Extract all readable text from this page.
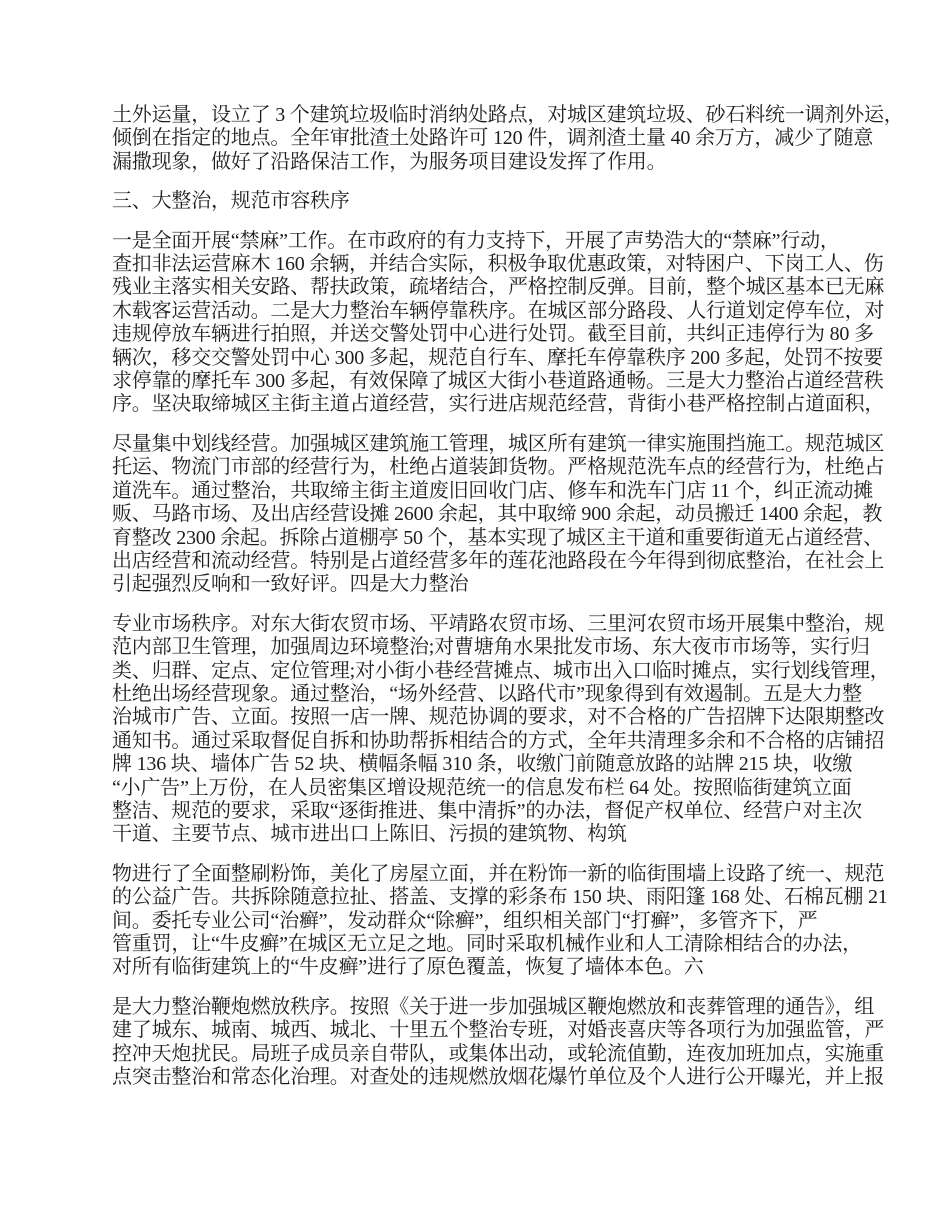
土外运量，设立了 3 个建筑垃圾临时消纳处路点，对城区建筑垃圾、砂石料统一调剂外运，
倾倒在指定的地点。全年审批渣土处路许可 120 件，调剂渣土量 40 余万方，减少了随意
漏撒现象，做好了沿路保洁工作，为服务项目建设发挥了作用。
三、大整治，规范市容秩序
一是全面开展“禁麻”工作。在市政府的有力支持下，开展了声势浩大的“禁麻”行动，
查扣非法运营麻木 160 余辆，并结合实际，积极争取优惠政策，对特困户、下岗工人、伤
残业主落实相关安路、帮扶政策，疏堵结合，严格控制反弹。目前，整个城区基本已无麻
木载客运营活动。二是大力整治车辆停靠秩序。在城区部分路段、人行道划定停车位，对
违规停放车辆进行拍照，并送交警处罚中心进行处罚。截至目前，共纠正违停行为 80 多
辆次，移交交警处罚中心 300 多起，规范自行车、摩托车停靠秩序 200 多起，处罚不按要
求停靠的摩托车 300 多起，有效保障了城区大街小巷道路通畅。三是大力整治占道经营秩
序。坚决取缔城区主街主道占道经营，实行进店规范经营，背街小巷严格控制占道面积，
尽量集中划线经营。加强城区建筑施工管理，城区所有建筑一律实施围挡施工。规范城区
托运、物流门市部的经营行为，杜绝占道装卸货物。严格规范洗车点的经营行为，杜绝占
道洗车。通过整治，共取缔主街主道废旧回收门店、修车和洗车门店 11 个，纠正流动摊
贩、马路市场、及出店经营设摊 2600 余起，其中取缔 900 余起，动员搬迁 1400 余起，教
育整改 2300 余起。拆除占道棚亭 50 个，基本实现了城区主干道和重要街道无占道经营、
出店经营和流动经营。特别是占道经营多年的莲花池路段在今年得到彻底整治，在社会上
引起强烈反响和一致好评。四是大力整治
专业市场秩序。对东大街农贸市场、平靖路农贸市场、三里河农贸市场开展集中整治，规
范内部卫生管理，加强周边环境整治;对曹塘角水果批发市场、东大夜市市场等，实行归
类、归群、定点、定位管理;对小街小巷经营摊点、城市出入口临时摊点，实行划线管理，
杜绝出场经营现象。通过整治，“场外经营、以路代市”现象得到有效遏制。五是大力整
治城市广告、立面。按照一店一牌、规范协调的要求，对不合格的广告招牌下达限期整改
通知书。通过采取督促自拆和协助帮拆相结合的方式，全年共清理多余和不合格的店铺招
牌 136 块、墙体广告 52 块、横幅条幅 310 条，收缴门前随意放路的站牌 215 块，收缴
“小广告”上万份，在人员密集区增设规范统一的信息发布栏 64 处。按照临街建筑立面
整洁、规范的要求，采取“逐街推进、集中清拆”的办法，督促产权单位、经营户对主次
干道、主要节点、城市进出口上陈旧、污损的建筑物、构筑
物进行了全面整刷粉饰，美化了房屋立面，并在粉饰一新的临街围墙上设路了统一、规范
的公益广告。共拆除随意拉扯、搭盖、支撑的彩条布 150 块、雨阳篷 168 处、石棉瓦棚 21
间。委托专业公司“治癣”，发动群众“除癣”，组织相关部门“打癣”，多管齐下，严
管重罚，让“牛皮癣”在城区无立足之地。同时采取机械作业和人工清除相结合的办法，
对所有临街建筑上的“牛皮癣”进行了原色覆盖，恢复了墙体本色。六
是大力整治鞭炮燃放秩序。按照《关于进一步加强城区鞭炮燃放和丧葬管理的通告》，组
建了城东、城南、城西、城北、十里五个整治专班，对婚丧喜庆等各项行为加强监管，严
控冲天炮扰民。局班子成员亲自带队，或集体出动，或轮流值勤，连夜加班加点，实施重
点突击整治和常态化治理。对查处的违规燃放烟花爆竹单位及个人进行公开曝光，并上报
